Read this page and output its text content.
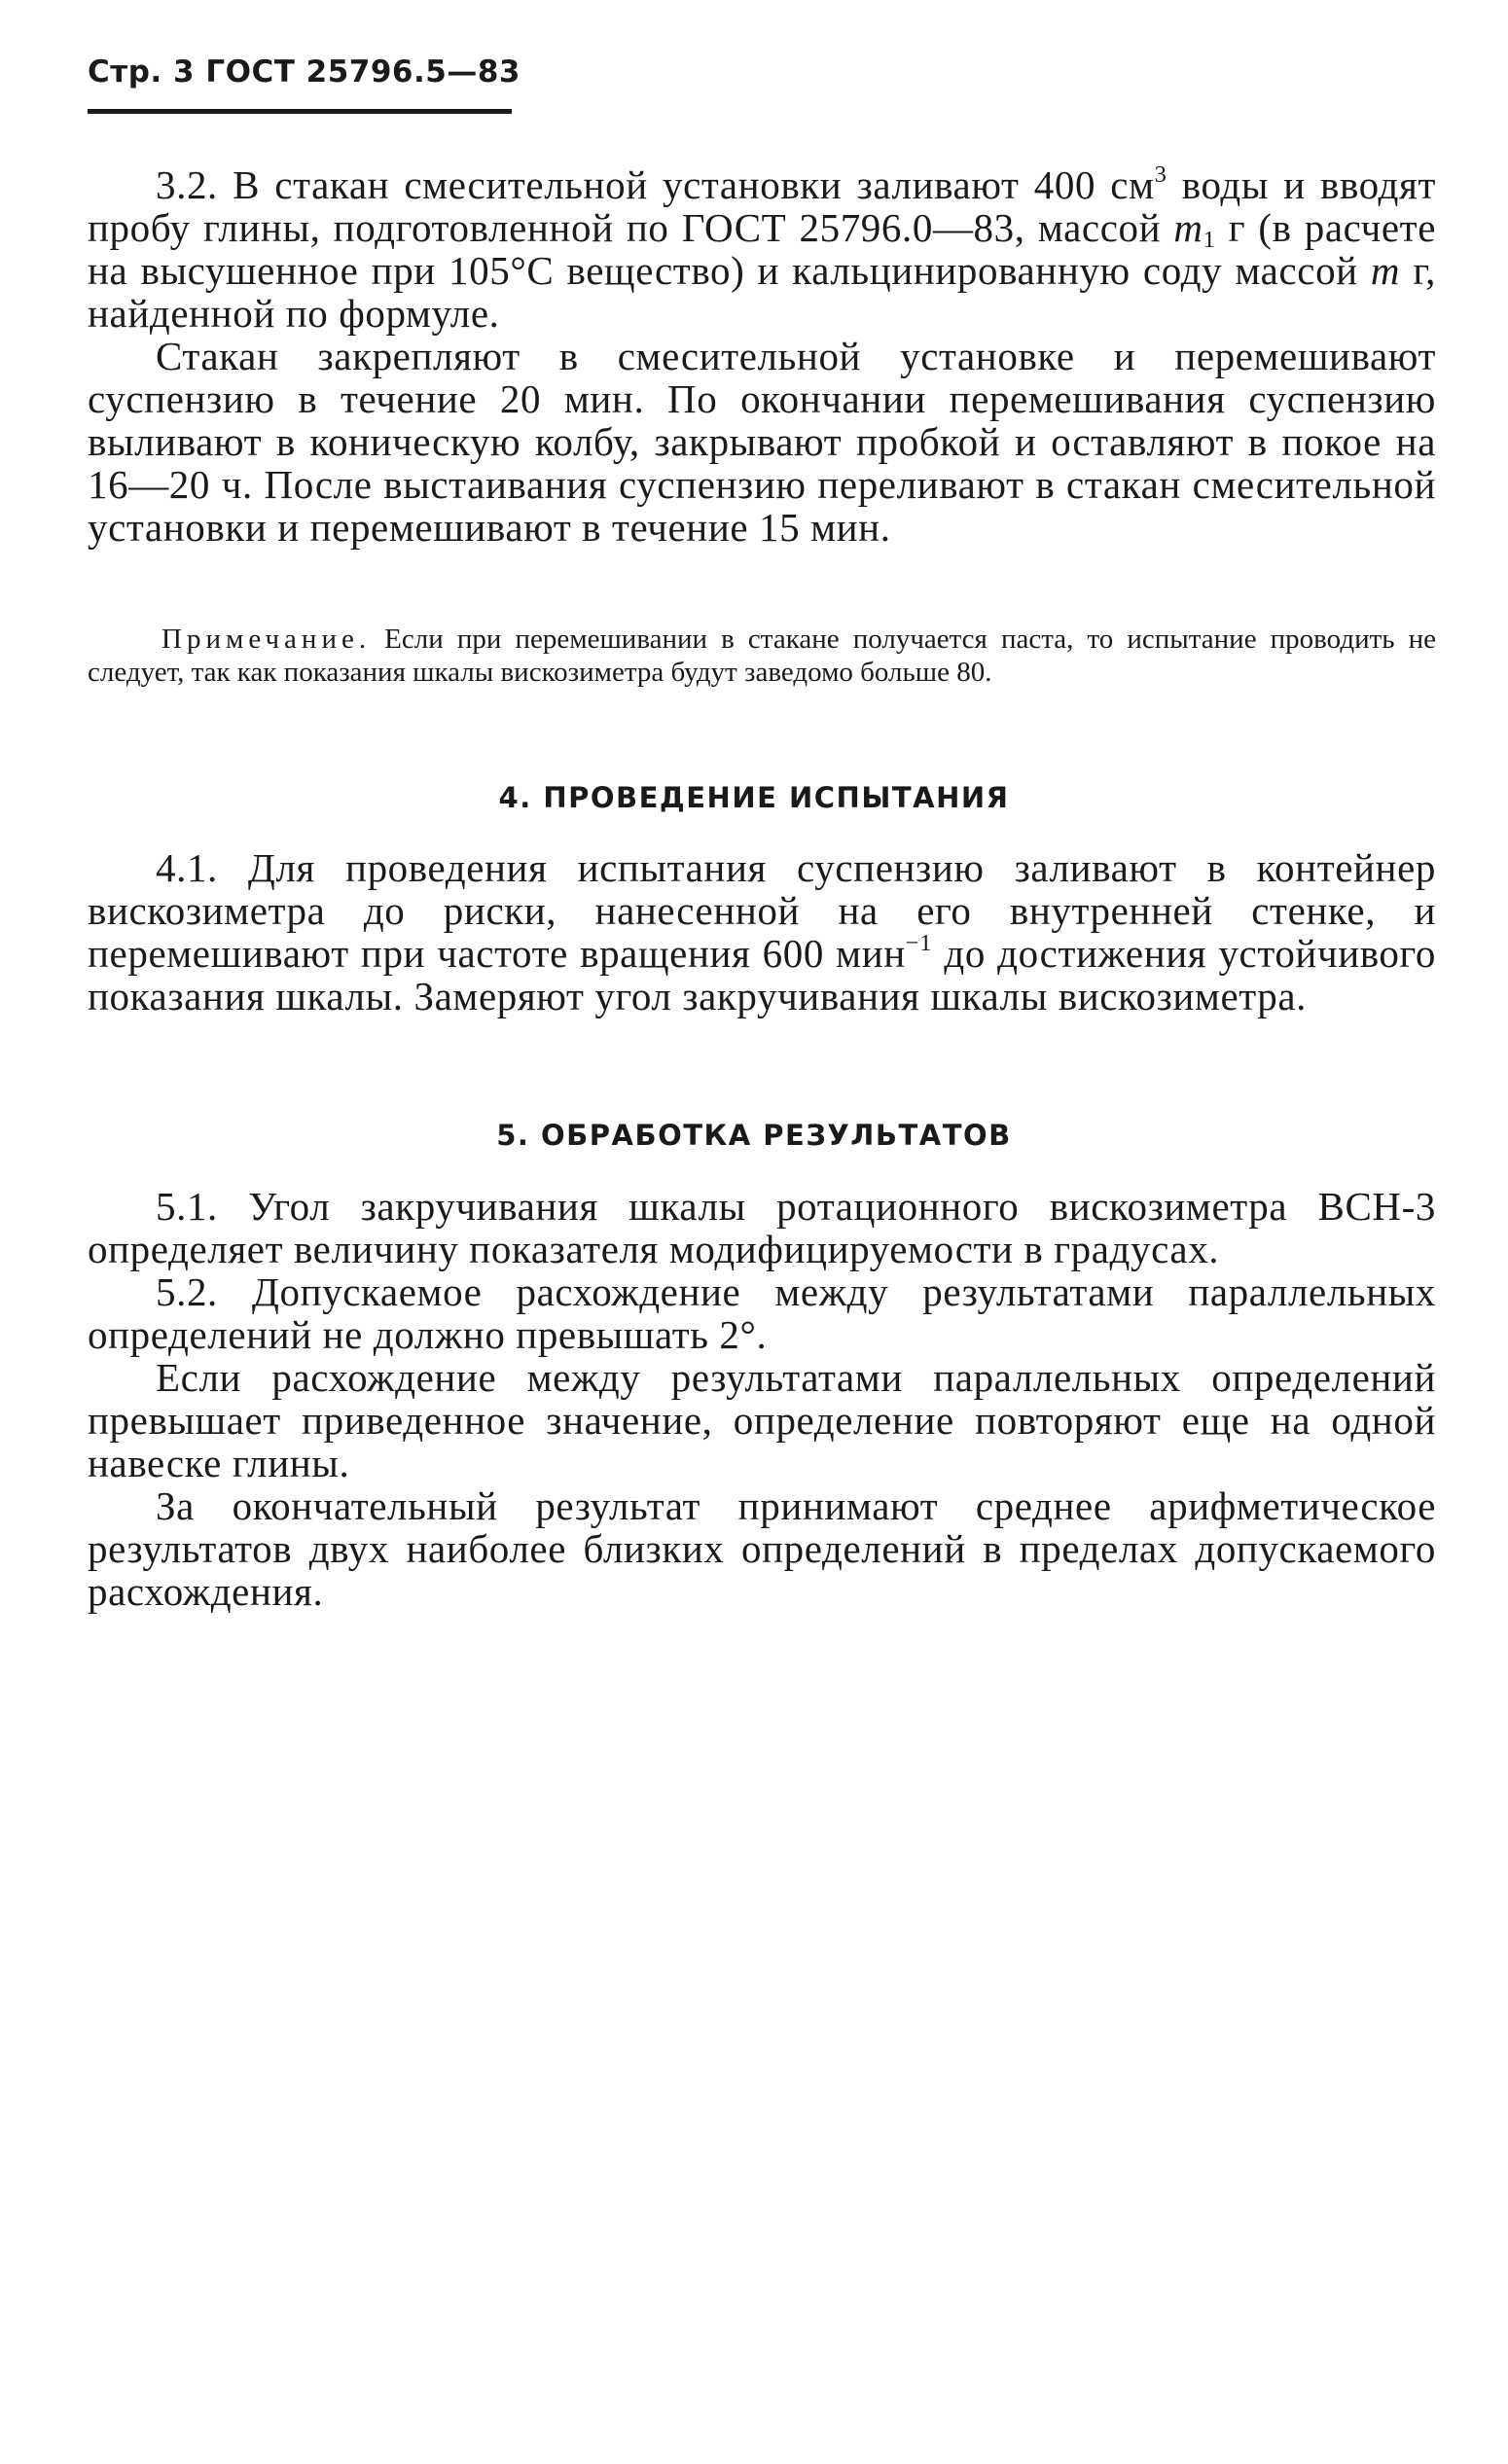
Стр. 3 ГОСТ 25796.5—83

3.2. В стакан смесительной установки заливают 400 $см^3$ воды и вводят пробу глины, подготовленной по ГОСТ 25796.0—83, массой $m_1$ г (в расчете на высушенное при 105°С вещество) и кальцинированную соду массой m г, найденной по формуле.

Стакан закрепляют в смесительной установке и перемешивают суспензию в течение 20 мин. По окончании перемешивания суспензию выливают в коническую колбу, закрывают пробкой и оставляют в покое на 16—20 ч. После выстаивания суспензию переливают в стакан смесительной установки и перемешивают в течение 15 мин.

Примечание. Если при перемешивании в стакане получается паста, то испытание проводить не следует, так как показания шкалы вискозиметра будут заведомо больше 80.

4. ПРОВЕДЕНИЕ ИСПЫТАНИЯ

4.1. Для проведения испытания суспензию заливают в контейнер вискозиметра до риски, нанесенной на его внутренней стенке, и перемешивают при частоте вращения 600 мин$^{-1}$ до достижения устойчивого показания шкалы. Замеряют угол закручивания шкалы вискозиметра.

5. ОБРАБОТКА РЕЗУЛЬТАТОВ

5.1. Угол закручивания шкалы ротационного вискозиметра ВСН-3 определяет величину показателя модифицируемости в градусах.

5.2. Допускаемое расхождение между результатами параллельных определений не должно превышать 2°.

Если расхождение между результатами параллельных определений превышает приведенное значение, определение повторяют еще на одной навеске глины.

За окончательный результат принимают среднее арифметическое результатов двух наиболее близких определений в пределах допускаемого расхождения.
